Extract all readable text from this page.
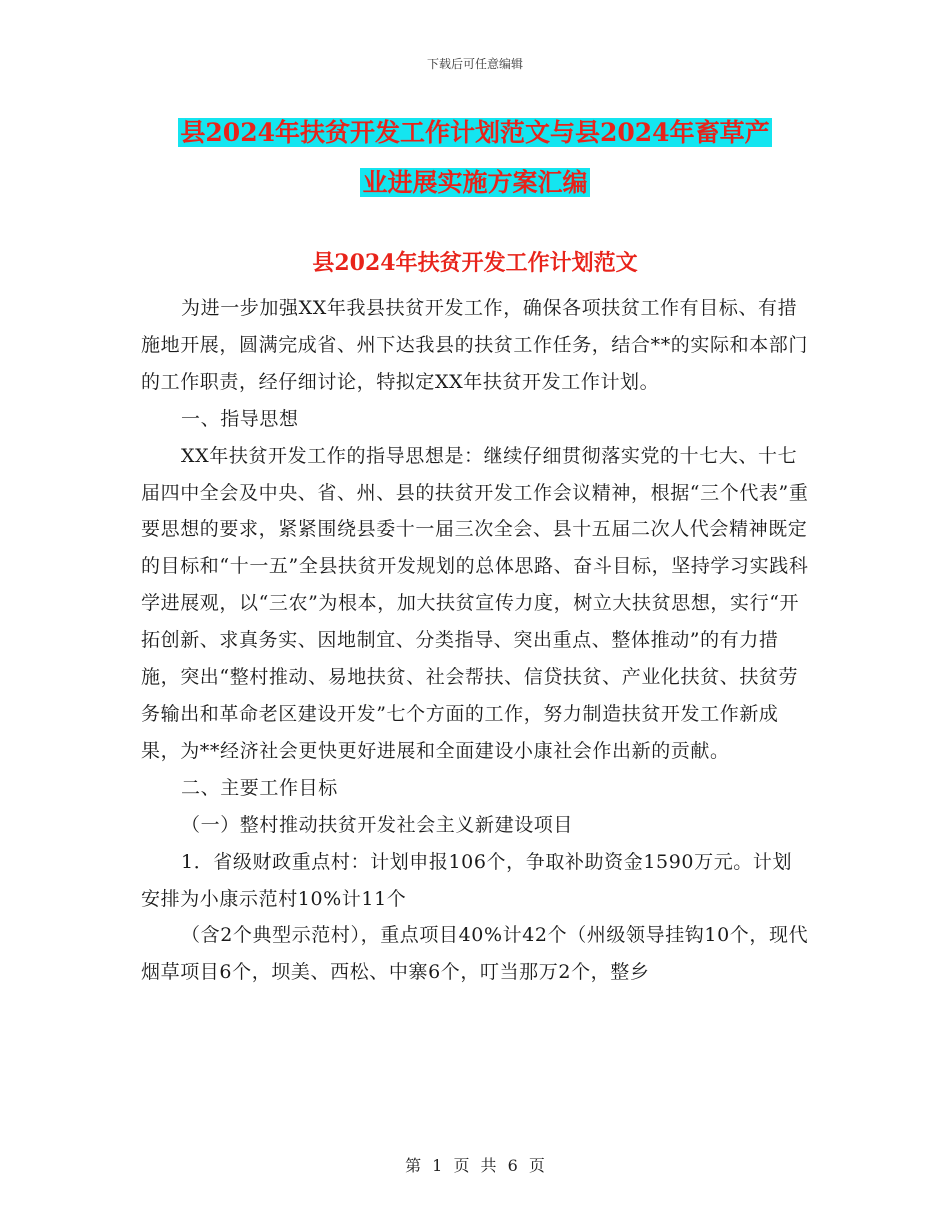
下载后可任意编辑
县2024年扶贫开发工作计划范文与县2024年畜草产
业进展实施方案汇编
县2024年扶贫开发工作计划范文

为进一步加强XX年我县扶贫开发工作，确保各项扶贫工作有目标、有措施地开展，圆满完成省、州下达我县的扶贫工作任务，结合**的实际和本部门的工作职责，经仔细讨论，特拟定XX年扶贫开发工作计划。

一、指导思想

XX年扶贫开发工作的指导思想是：继续仔细贯彻落实党的十七大、十七届四中全会及中央、省、州、县的扶贫开发工作会议精神，根据“三个代表”重要思想的要求，紧紧围绕县委十一届三次全会、县十五届二次人代会精神既定的目标和“十一五”全县扶贫开发规划的总体思路、奋斗目标，坚持学习实践科学进展观，以“三农”为根本，加大扶贫宣传力度，树立大扶贫思想，实行“开拓创新、求真务实、因地制宜、分类指导、突出重点、整体推动”的有力措施，突出“整村推动、易地扶贫、社会帮扶、信贷扶贫、产业化扶贫、扶贫劳务输出和革命老区建设开发”七个方面的工作，努力制造扶贫开发工作新成果，为**经济社会更快更好进展和全面建设小康社会作出新的贡献。

二、主要工作目标

（一）整村推动扶贫开发社会主义新建设项目

1．省级财政重点村：计划申报106个，争取补助资金1590万元。计划安排为小康示范村10%计11个

（含2个典型示范村），重点项目40%计42个（州级领导挂钩10个，现代烟草项目6个，坝美、西松、中寨6个，叮当那万2个，整乡

第 1 页 共 6 页
